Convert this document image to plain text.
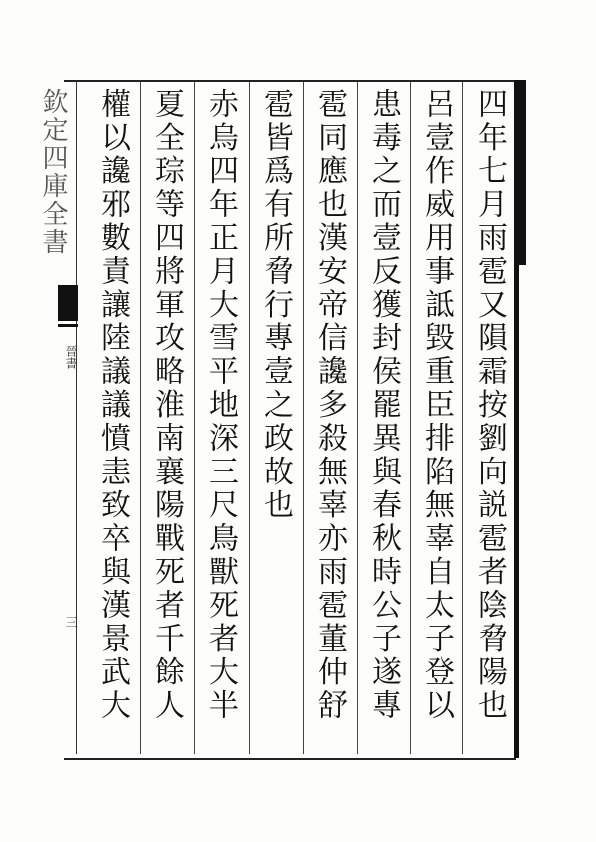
欽定四庫全書
晉書
三
四年七月雨雹又隕霜按劉向説雹者陰脅陽也
呂壹作威用事詆毀重臣排陷無辜自太子登以
患毒之而壹反獲封侯罷異與春秋時公子遂專
雹同應也漢安帝信讒多殺無辜亦雨雹董仲舒
雹皆爲有所脅行專壹之政故也
赤烏四年正月大雪平地深三尺鳥獸死者大半
夏全琮等四將軍攻略淮南襄陽戰死者千餘人
權以讒邪數責讓陸議議憤恚致卒與漢景武大
